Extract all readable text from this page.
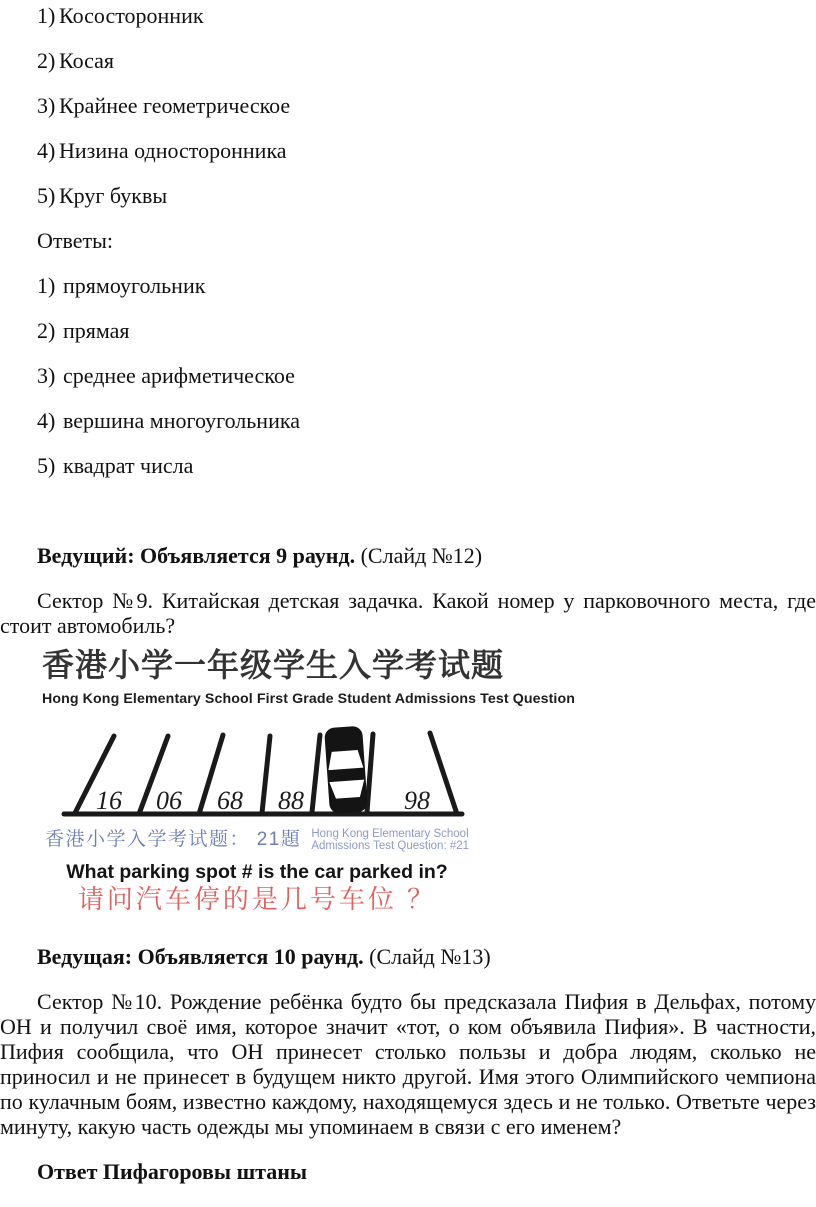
1) Кососторонник
2) Косая
3) Крайнее геометрическое
4) Низина односторонника
5) Круг буквы
Ответы:
1) прямоугольник
2) прямая
3) среднее арифметическое
4) вершина многоугольника
5) квадрат числа

Ведущий: Объявляется 9 раунд. (Слайд №12)

Сектор №9. Китайская детская задачка. Какой номер у парковочного места, где стоит автомобиль?

香港小学一年级学生入学考试题
Hong Kong Elementary School First Grade Student Admissions Test Question
16 06 68 88	98
香港小学入学考试题： 21題 Hong Kong Elementary School
Admissions Test Question: #21
What parking spot # is the car parked in?
请问汽车停的是几号车位 ？

Ведущая: Объявляется 10 раунд. (Слайд №13)

Сектор №10. Рождение ребёнка будто бы предсказала Пифия в Дельфах, потому ОН и получил своё имя, которое значит «тот, о ком объявила Пифия». В частности, Пифия сообщила, что ОН принесет столько пользы и добра людям, сколько не приносил и не принесет в будущем никто другой. Имя этого Олимпийского чемпиона по кулачным боям, известно каждому, находящемуся здесь и не только. Ответьте через минуту, какую часть одежды мы упоминаем в связи с его именем?

Ответ Пифагоровы штаны
